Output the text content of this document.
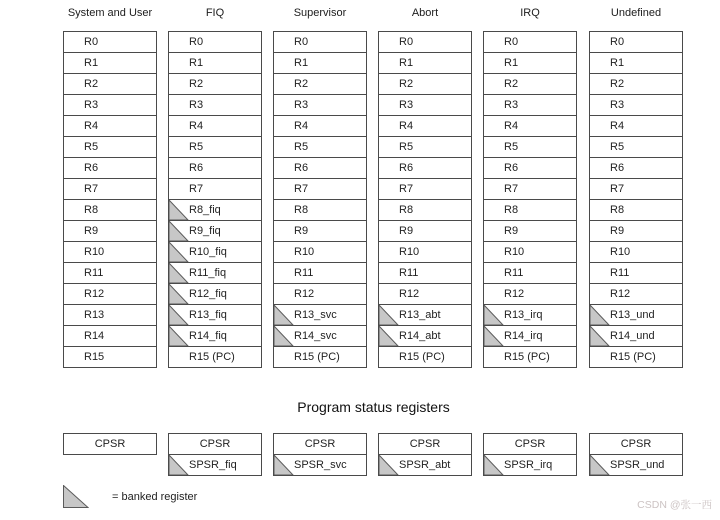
System and User
R0
R1
R2
R3
R4
R5
R6
R7
R8
R9
R10
R11
R12
R13
R14
R15
CPSR
FIQ
R0
R1
R2
R3
R4
R5
R6
R7
R8_fiq
R9_fiq
R10_fiq
R11_fiq
R12_fiq
R13_fiq
R14_fiq
R15 (PC)
CPSR
SPSR_fiq
Supervisor
R0
R1
R2
R3
R4
R5
R6
R7
R8
R9
R10
R11
R12
R13_svc
R14_svc
R15 (PC)
CPSR
SPSR_svc
Abort
R0
R1
R2
R3
R4
R5
R6
R7
R8
R9
R10
R11
R12
R13_abt
R14_abt
R15 (PC)
CPSR
SPSR_abt
IRQ
R0
R1
R2
R3
R4
R5
R6
R7
R8
R9
R10
R11
R12
R13_irq
R14_irq
R15 (PC)
CPSR
SPSR_irq
Undefined
R0
R1
R2
R3
R4
R5
R6
R7
R8
R9
R10
R11
R12
R13_und
R14_und
R15 (PC)
CPSR
SPSR_und
Program status registers
= banked register
CSDN @张一西
